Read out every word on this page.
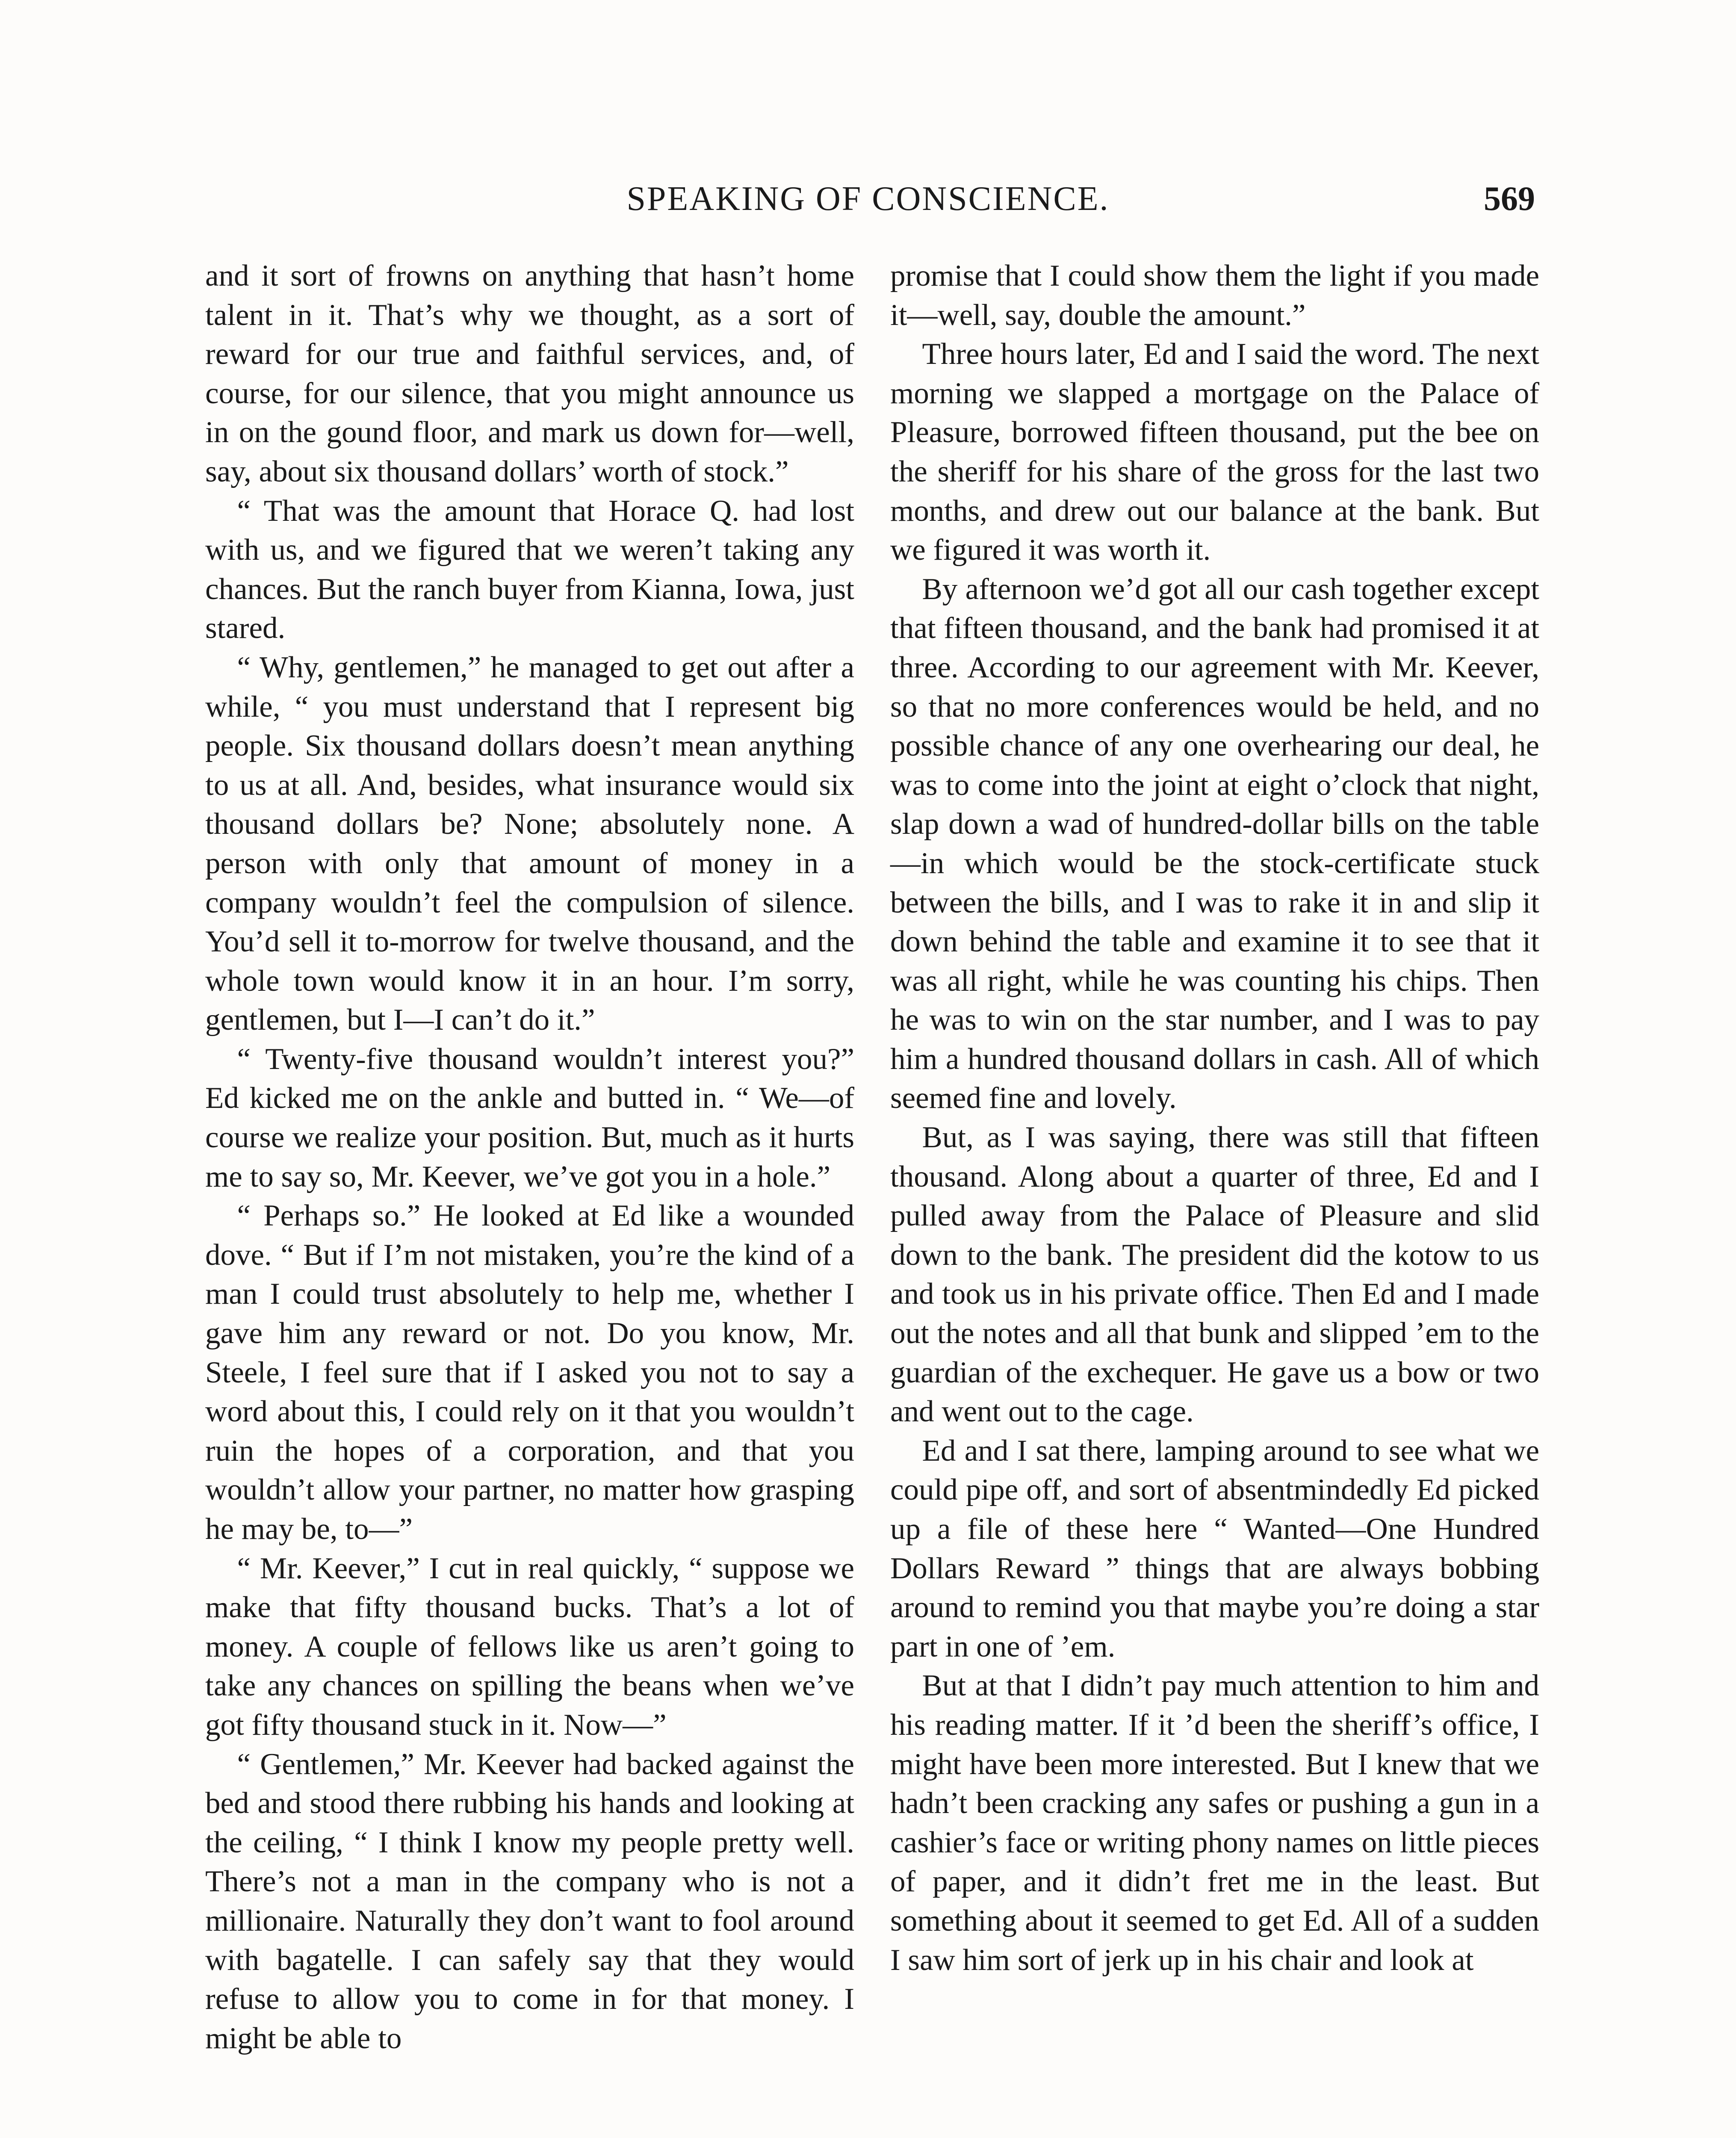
SPEAKING OF CONSCIENCE.	569

and it sort of frowns on anything that hasn’t home talent in it. That’s why we thought, as a sort of reward for our true and faithful services, and, of course, for our silence, that you might announce us in on the gound floor, and mark us down for—well, say, about six thousand dollars’ worth of stock.”

“ That was the amount that Horace Q. had lost with us, and we figured that we weren’t taking any chances. But the ranch buyer from Kianna, Iowa, just stared.

“ Why, gentlemen,” he managed to get out after a while, “ you must understand that I represent big people. Six thousand dollars doesn’t mean anything to us at all. And, besides, what insurance would six thousand dollars be? None; absolutely none. A person with only that amount of money in a company wouldn’t feel the compulsion of silence. You’d sell it to-morrow for twelve thousand, and the whole town would know it in an hour. I’m sorry, gentlemen, but I—I can’t do it.”

“ Twenty-five thousand wouldn’t interest you?” Ed kicked me on the ankle and butted in. “ We—of course we realize your position. But, much as it hurts me to say so, Mr. Keever, we’ve got you in a hole.”

“ Perhaps so.” He looked at Ed like a wounded dove. “ But if I’m not mistaken, you’re the kind of a man I could trust absolutely to help me, whether I gave him any reward or not. Do you know, Mr. Steele, I feel sure that if I asked you not to say a word about this, I could rely on it that you wouldn’t ruin the hopes of a corporation, and that you wouldn’t allow your partner, no matter how grasping he may be, to—”

“ Mr. Keever,” I cut in real quickly, “ suppose we make that fifty thousand bucks. That’s a lot of money. A couple of fellows like us aren’t going to take any chances on spilling the beans when we’ve got fifty thousand stuck in it. Now—”

“ Gentlemen,” Mr. Keever had backed against the bed and stood there rubbing his hands and looking at the ceiling, “ I think I know my people pretty well. There’s not a man in the company who is not a millionaire. Naturally they don’t want to fool around with bagatelle. I can safely say that they would refuse to allow you to come in for that money. I might be able to

promise that I could show them the light if you made it—well, say, double the amount.”

Three hours later, Ed and I said the word. The next morning we slapped a mortgage on the Palace of Pleasure, borrowed fifteen thousand, put the bee on the sheriff for his share of the gross for the last two months, and drew out our balance at the bank. But we figured it was worth it.

By afternoon we’d got all our cash together except that fifteen thousand, and the bank had promised it at three. According to our agreement with Mr. Keever, so that no more conferences would be held, and no possible chance of any one overhearing our deal, he was to come into the joint at eight o’clock that night, slap down a wad of hundred-dollar bills on the table—in which would be the stock-certificate stuck between the bills, and I was to rake it in and slip it down behind the table and examine it to see that it was all right, while he was counting his chips. Then he was to win on the star number, and I was to pay him a hundred thousand dollars in cash. All of which seemed fine and lovely.

But, as I was saying, there was still that fifteen thousand. Along about a quarter of three, Ed and I pulled away from the Palace of Pleasure and slid down to the bank. The president did the kotow to us and took us in his private office. Then Ed and I made out the notes and all that bunk and slipped ’em to the guardian of the exchequer. He gave us a bow or two and went out to the cage.

Ed and I sat there, lamping around to see what we could pipe off, and sort of absentmindedly Ed picked up a file of these here “ Wanted—One Hundred Dollars Reward ” things that are always bobbing around to remind you that maybe you’re doing a star part in one of ’em.

But at that I didn’t pay much attention to him and his reading matter. If it ’d been the sheriff’s office, I might have been more interested. But I knew that we hadn’t been cracking any safes or pushing a gun in a cashier’s face or writing phony names on little pieces of paper, and it didn’t fret me in the least. But something about it seemed to get Ed. All of a sudden I saw him sort of jerk up in his chair and look at
